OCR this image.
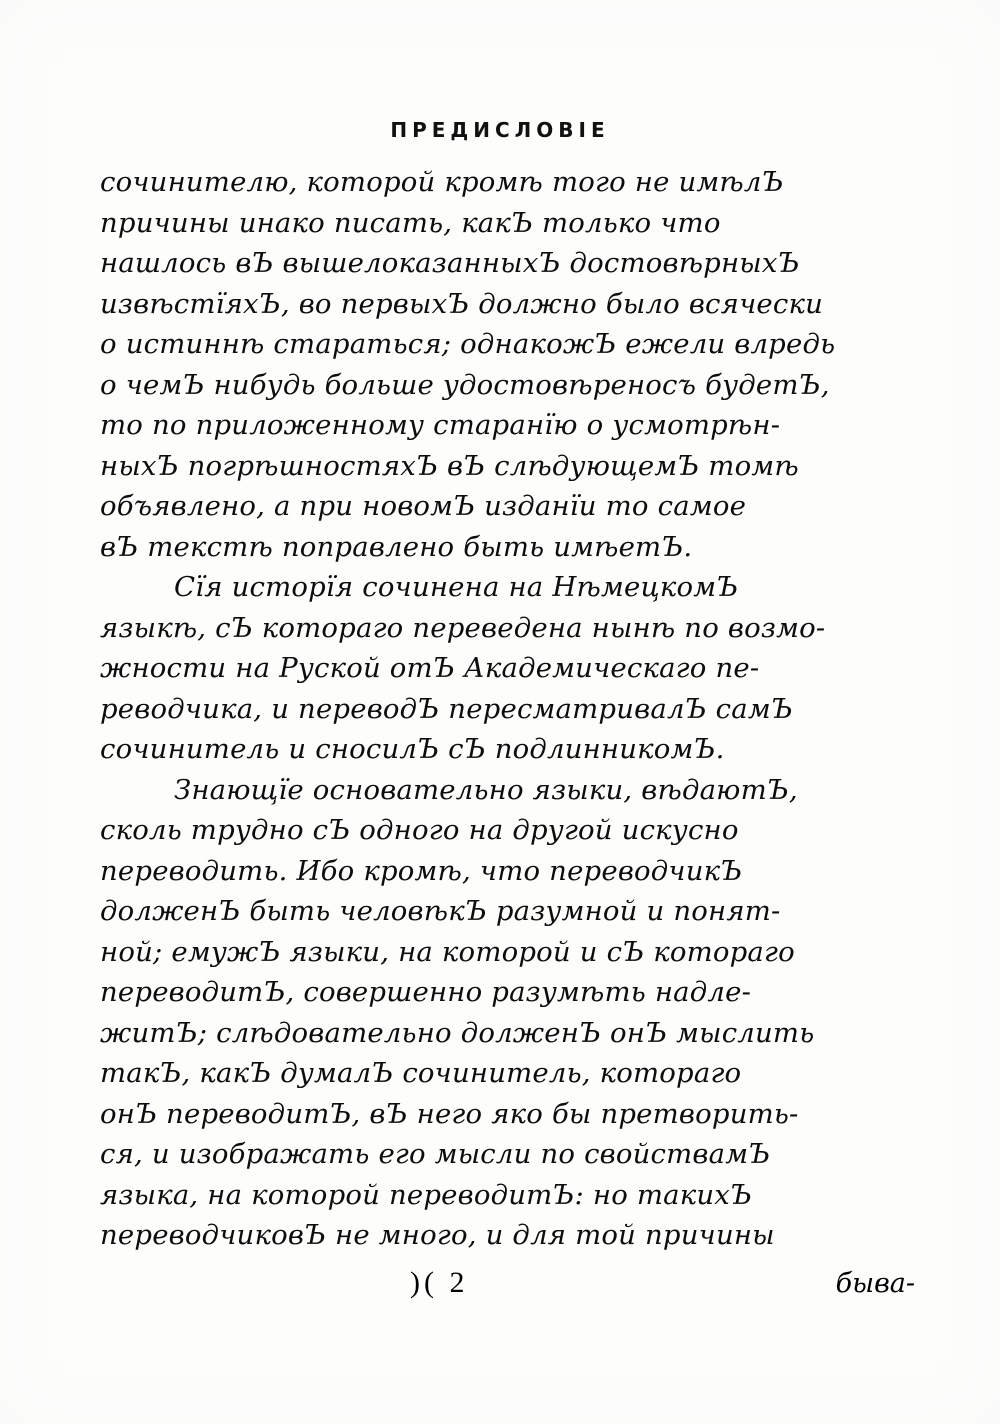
ПРЕДИСЛОВIЕ
сочинителю, которой кромѣ того не имѣлЪ
причины инако писать, какЪ только что
нашлось вЪ вышелоказанныхЪ достовѣрныхЪ
извѣстïяхЪ, во первыхЪ должно было всячески
о истиннѣ стараться; однакожЪ ежели влредь
о чемЪ нибудь больше удостовѣреносъ будетЪ,
то по приложенному старанïю о усмотрѣн-
ныхЪ погрѣшностяхЪ вЪ слѣдующемЪ томѣ
объявлено, а при новомЪ изданïи то самое
вЪ текстѣ поправлено быть имѣетЪ.
Сïя исторïя сочинена на НѣмецкомЪ
языкѣ, сЪ котораго переведена нынѣ по возмо-
жности на Руской отЪ Академическаго пе-
реводчика, и переводЪ пересматривалЪ самЪ
сочинитель и сносилЪ сЪ подлинникомЪ.
Знающïе основательно языки, вѣдаютЪ,
сколь трудно сЪ одного на другой искусно
переводить. Ибо кромѣ, что переводчикЪ
долженЪ быть человѣкЪ разумной и понят-
ной; емужЪ языки, на которой и сЪ котораго
переводитЪ, совершенно разумѣть надле-
житЪ; слѣдовательно долженЪ онЪ мыслить
такЪ, какЪ думалЪ сочинитель, котораго
онЪ переводитЪ, вЪ него яко бы претворить-
ся, и изображать его мысли по свойствамЪ
языка, на которой переводитЪ: но такихЪ
переводчиковЪ не много, и для той причины
)( 2	быва-
